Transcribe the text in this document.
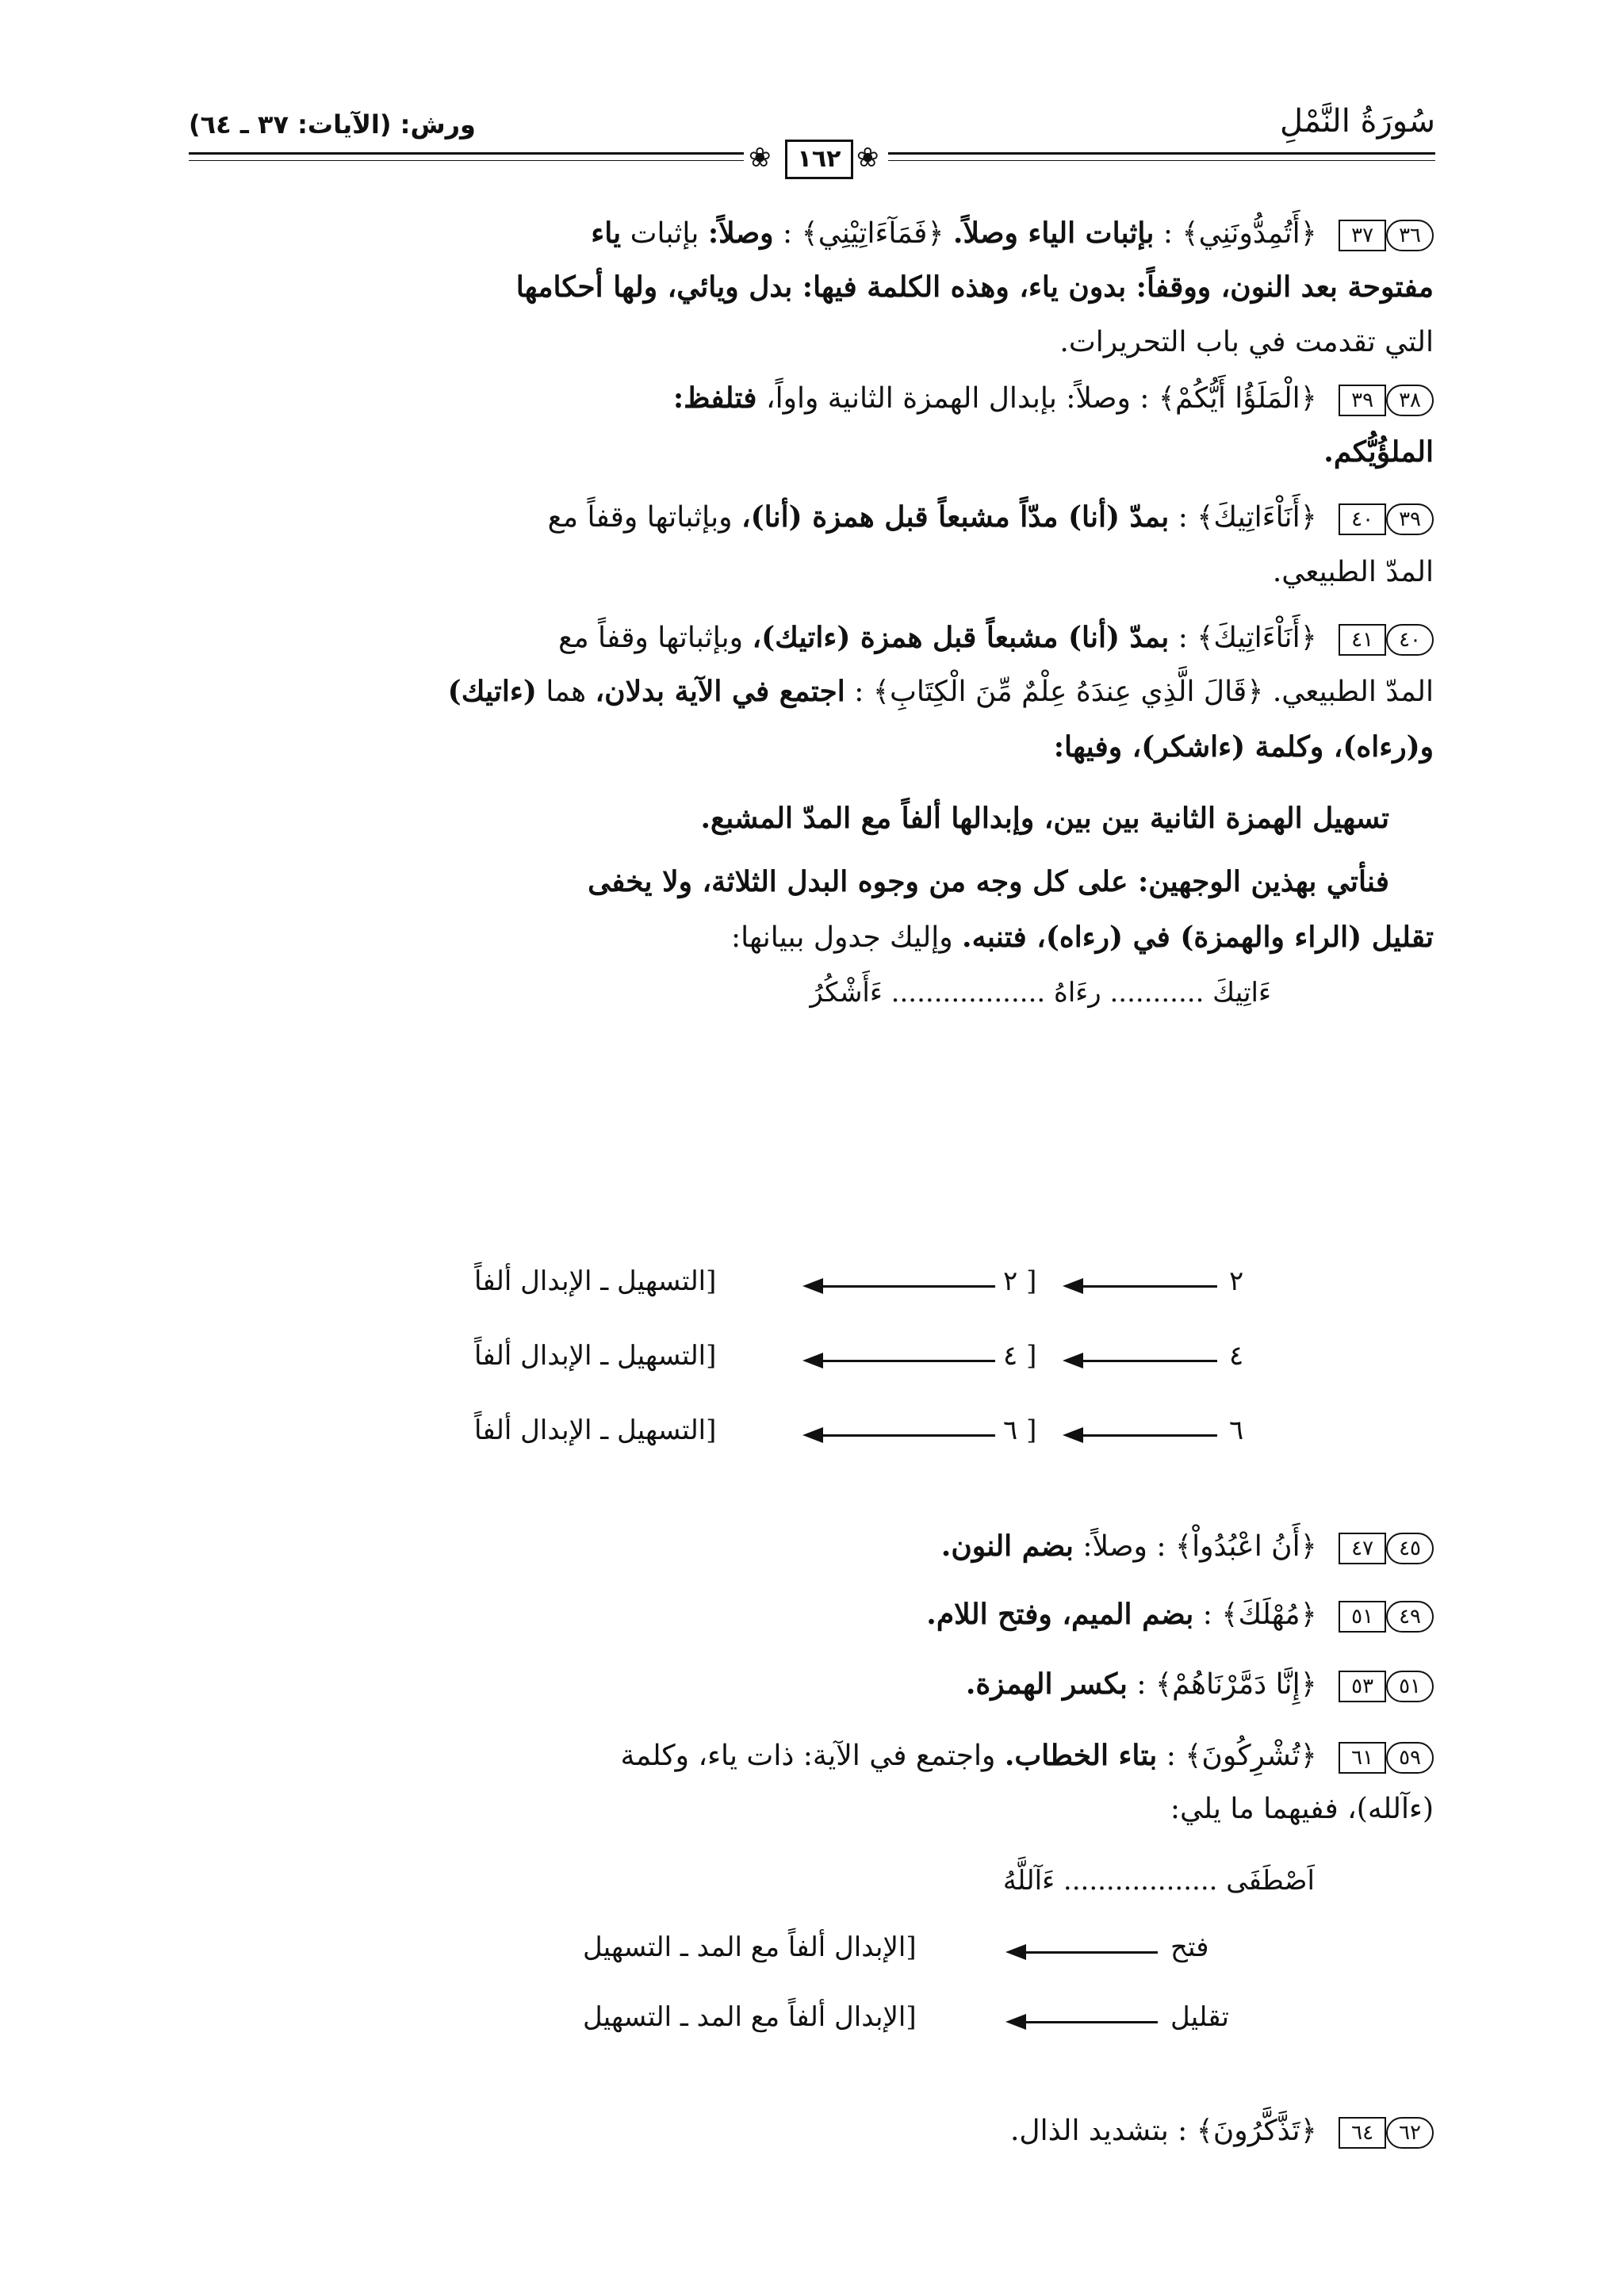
ورش: (الآيات: ٣٧ ـ ٦٤)	سُورَةُ النَّمْلِ
❀	❀
١٦٢
٣٦٣٧ ﴿أَتُمِدُّونَنِي﴾ : بإثبات الياء وصلاً. ﴿فَمَآءَاتِيْنِي﴾ : وصلاً: بإثبات ياء
مفتوحة بعد النون، ووقفاً: بدون ياء، وهذه الكلمة فيها: بدل ويائي، ولها أحكامها
التي تقدمت في باب التحريرات.
٣٨٣٩ ﴿الْمَلَؤُا أَيُّكُمْ﴾ : وصلاً: بإبدال الهمزة الثانية واواً، فتلفظ:
الملؤُيُّكم.
٣٩٤٠ ﴿أَنَاْءَاتِيكَ﴾ : بمدّ (أنا) مدّاً مشبعاً قبل همزة (أنا)، وبإثباتها وقفاً مع
المدّ الطبيعي.
٤٠٤١ ﴿أَنَاْءَاتِيكَ﴾ : بمدّ (أنا) مشبعاً قبل همزة (ءاتيك)، وبإثباتها وقفاً مع
المدّ الطبيعي. ﴿قَالَ الَّذِي عِندَهُ عِلْمٌ مِّنَ الْكِتَابِ﴾ : اجتمع في الآية بدلان، هما (ءاتيك)
و(رءاه)، وكلمة (ءاشكر)، وفيها:
تسهيل الهمزة الثانية بين بين، وإبدالها ألفاً مع المدّ المشبع.
فنأتي بهذين الوجهين: على كل وجه من وجوه البدل الثلاثة، ولا يخفى
تقليل (الراء والهمزة) في (رءاه)، فتنبه. وإليك جدول ببيانها:
ءَاتِيكَ ........... رءَاهُ .................. ءَأَشْكُرُ
٢
[ ٢
[التسهيل ـ الإبدال ألفاً
٤
[ ٤
[التسهيل ـ الإبدال ألفاً
٦
[ ٦
[التسهيل ـ الإبدال ألفاً
٤٥٤٧ ﴿أَنُ اعْبُدُواْ﴾ : وصلاً: بضم النون.
٤٩٥١ ﴿مُهْلَكَ﴾ : بضم الميم، وفتح اللام.
٥١٥٣ ﴿إِنَّا دَمَّرْنَاهُمْ﴾ : بكسر الهمزة.
٥٩٦١ ﴿تُشْرِكُونَ﴾ : بتاء الخطاب. واجتمع في الآية: ذات ياء، وكلمة
(ءآلله)، ففيهما ما يلي:
اَصْطَفَى .................. ءَآللَّهُ
فتح
[الإبدال ألفاً مع المد ـ التسهيل
تقليل
[الإبدال ألفاً مع المد ـ التسهيل
٦٢٦٤ ﴿تَذَّكَّرُونَ﴾ : بتشديد الذال.
